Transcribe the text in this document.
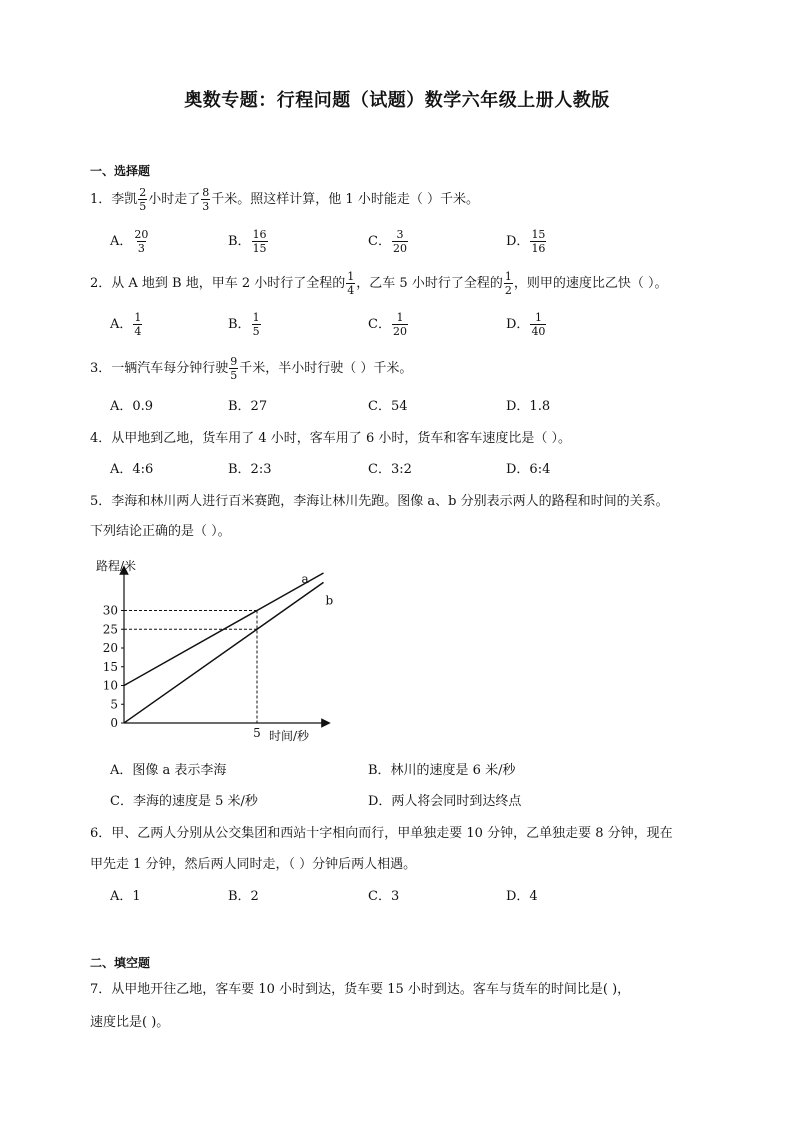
奥数专题：行程问题（试题）数学六年级上册人教版
一、选择题
1．李凯 $\frac{2}{5}$ 小时走了 $\frac{8}{3}$ 千米。照这样计算，他 1 小时能走（ ）千米。
A． $\frac{20}{3}$	B． $\frac{16}{15}$	C． $\frac{3}{20}$	D． $\frac{15}{16}$
2．从 A 地到 B 地，甲车 2 小时行了全程的 $\frac{1}{4}$ ，乙车 5 小时行了全程的 $\frac{1}{2}$ ，则甲的速度比乙快（ ）。
A． $\frac{1}{4}$	B． $\frac{1}{5}$	C． $\frac{1}{20}$	D． $\frac{1}{40}$
3．一辆汽车每分钟行驶 $\frac{9}{5}$ 千米，半小时行驶（ ）千米。
A．0.9	B．27	C．54	D．1.8
4．从甲地到乙地，货车用了 4 小时，客车用了 6 小时，货车和客车速度比是（ ）。
A．4:6	B．2:3	C．3:2	D．6:4
5．李海和林川两人进行百米赛跑，李海让林川先跑。图像 a、b 分别表示两人的路程和时间的关系。
下列结论正确的是（ ）。
路程/米
时间/秒
0
5
10
15
20
25
30
5
a
b
A．图像 a 表示李海	B．林川的速度是 6 米/秒
C．李海的速度是 5 米/秒	D．两人将会同时到达终点
6．甲、乙两人分别从公交集团和西站十字相向而行，甲单独走要 10 分钟，乙单独走要 8 分钟，现在
甲先走 1 分钟，然后两人同时走，（ ）分钟后两人相遇。
A．1	B．2	C．3	D．4
二、填空题
7．从甲地开往乙地，客车要 10 小时到达，货车要 15 小时到达。客车与货车的时间比是( )，
速度比是( )。
